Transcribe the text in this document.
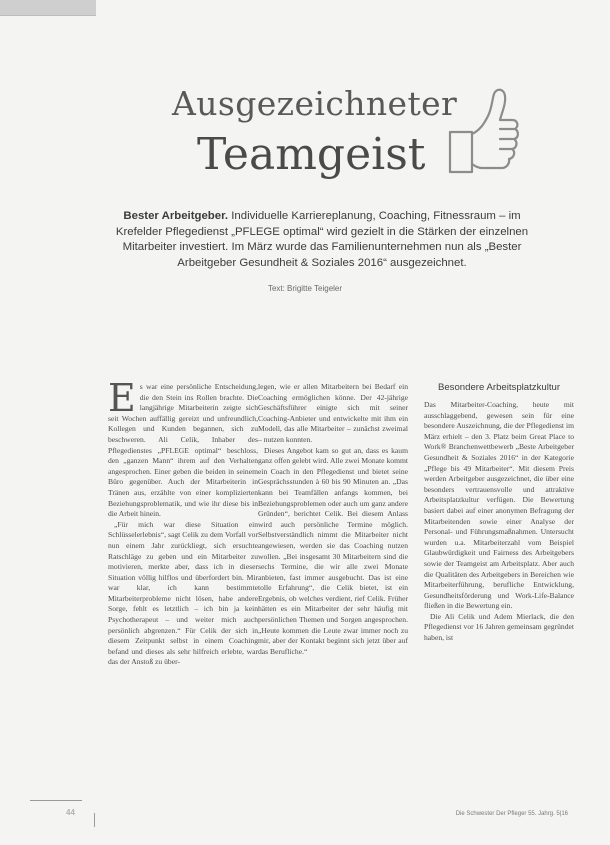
Ausgezeichneter
Teamgeist
Bester Arbeitgeber. Individuelle Karriereplanung, Coaching, Fitnessraum – im Krefelder Pflegedienst „PFLEGE optimal“ wird gezielt in die Stärken der einzelnen Mitarbeiter investiert. Im März wurde das Familienunternehmen nun als „Bester Arbeitgeber Gesundheit & Soziales 2016“ ausgezeichnet.
Text: Brigitte Teigeler

Es war eine persönliche Entscheidung, die den Stein ins Rollen brachte. Die langjährige Mitarbeiterin zeigte sich seit Wochen auffällig gereizt und unfreundlich, Kollegen und Kunden begannen, sich zu beschweren. Ali Celik, Inhaber des Pflegedienstes „PFLEGE optimal“ beschloss, den „ganzen Mann“ ihrem auf den Verhalten angesprochen. Einer geben die beiden in seinem Büro gegenüber. Auch der Mitarbeiterin in Tränen aus, erzählte von einer komplizierten Beziehungsproblematik, und wie ihr diese bis in die Arbeit hinein.

„Für mich war diese Situation ein Schlüsselerlebnis“, sagt Celik zu dem Vorfall vor nun einem Jahr zurückliegt, sich ersuchte Ratschläge zu geben und ein Mitarbeiter zu motivieren, merkte aber, dass ich in dieser Situation völlig hilflos und überfordert bin. Mir war klar, ich kann bestimmte Mitarbeiterprobleme nicht lösen, habe andere Sorge, fehlt es letztlich – ich bin ja kein Psychotherapeut – und weiter mich auch persönlich abgrenzen.“ Für Celik der sich in diesem Zeitpunkt selbst in einem Coaching befand und dieses als sehr hilfreich erlebte, war das der Anstoß zu über-

legen, wie er allen Mitarbeitern bei Bedarf ein Coaching ermöglichen könne. Der 42-jährige Geschäftsführer einigte sich mit seiner Coaching-Anbieter und entwickelte mit ihm ein Modell, das alle Mitarbeiter – zunächst zweimal – nutzen konnten.

Dieses Angebot kam so gut an, dass es kaum ganz offen gelebt wird. Alle zwei Monate kommt ein Coach in den Pflegedienst und bietet seine Gesprächsstunden à 60 bis 90 Minuten an. „Das kann bei Teamfällen anfangs kommen, bei Beziehungsproblemen oder auch um ganz andere Gründen“, berichtet Celik. Bei diesem Anlass wird auch persönliche Termine möglich. Selbstverständlich nimmt die Mitarbeiter nicht angewiesen, werden sie das Coaching nutzen wollen. „Bei insgesamt 30 Mitarbeitern sind die sechs Termine, die wir alle zwei Monate anbieten, fast immer ausgebucht. Das ist eine tolle Erfahrung“, die Celik bietet, ist ein Ergebnis, ob welches verdient, rief Celik. Früher hätten es ein Mitarbeiter der sehr häufig mit persönlichen Themen und Sorgen angesprochen. „Heute kommen die Leute zwar immer noch zu mir, aber der Kontakt beginnt sich jetzt über auf das Berufliche.“

Besondere Arbeitsplatzkultur

Das Mitarbeiter-Coaching, heute mit ausschlaggebend, gewesen sein für eine besondere Auszeichnung, die der Pflegedienst im März erhielt – den 3. Platz beim Great Place to Work® Branchenwettbewerb „Beste Arbeitgeber Gesundheit & Soziales 2016“ in der Kategorie „Pflege bis 49 Mitarbeiter“. Mit diesem Preis werden Arbeitgeber ausgezeichnet, die über eine besonders vertrauensvolle und attraktive Arbeitsplatzkultur verfügen. Die Bewertung basiert dabei auf einer anonymen Befragung der Mitarbeitenden sowie einer Analyse der Personal- und Führungsmaßnahmen. Untersucht wurden u.a. Mitarbeiterzahl vom Beispiel Glaubwürdigkeit und Fairness des Arbeitgebers sowie der Teamgeist am Arbeitsplatz. Aber auch die Qualitäten des Arbeitgebers in Bereichen wie Mitarbeiterführung, berufliche Entwicklung, Gesundheitsförderung und Work-Life-Balance fließen in die Bewertung ein.

Die Ali Celik und Adem Mierlack, die den Pflegedienst vor 16 Jahren gemeinsam gegründet haben, ist

44	Die Schwester Der Pfleger 55. Jahrg. 5|16
